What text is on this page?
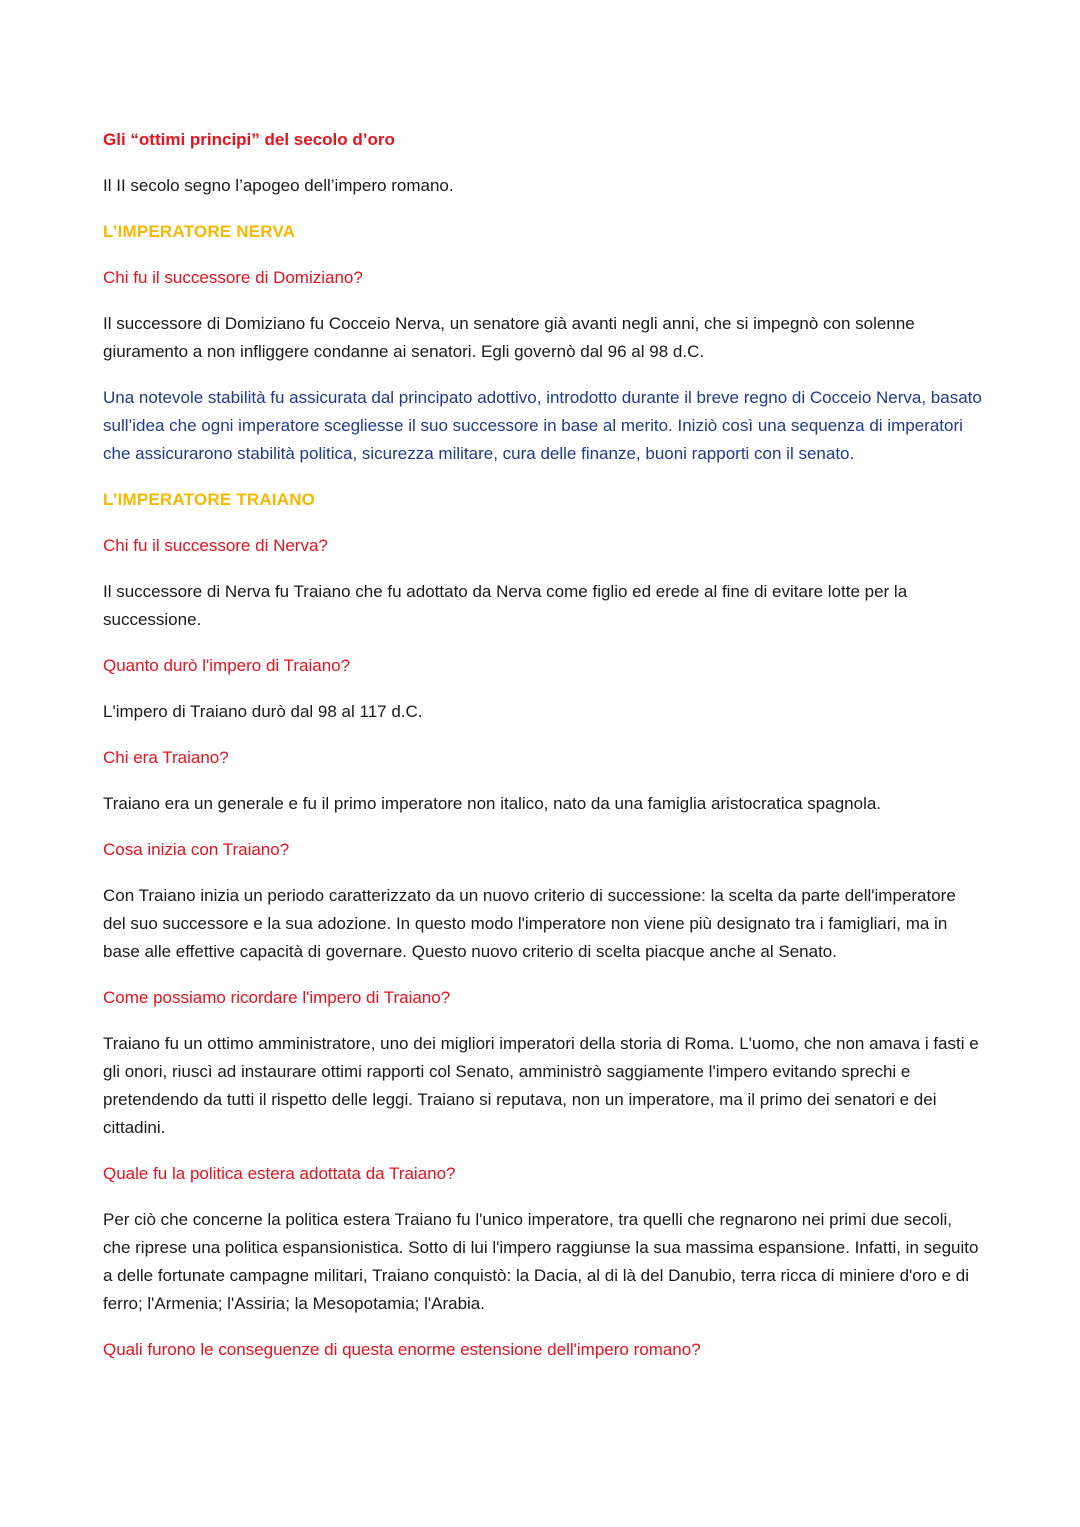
Gli “ottimi principi” del secolo d’oro

Il II secolo segno l’apogeo dell’impero romano.

L’IMPERATORE NERVA

Chi fu il successore di Domiziano?

Il successore di Domiziano fu Cocceio Nerva, un senatore già avanti negli anni, che si impegnò con solenne giuramento a non infliggere condanne ai senatori. Egli governò dal 96 al 98 d.C.

Una notevole stabilità fu assicurata dal principato adottivo, introdotto durante il breve regno di Cocceio Nerva, basato sull’idea che ogni imperatore scegliesse il suo successore in base al merito. Iniziò così una sequenza di imperatori che assicurarono stabilità politica, sicurezza militare, cura delle finanze, buoni rapporti con il senato.

L’IMPERATORE TRAIANO

Chi fu il successore di Nerva?

Il successore di Nerva fu Traiano che fu adottato da Nerva come figlio ed erede al fine di evitare lotte per la successione.

Quanto durò l'impero di Traiano?

L'impero di Traiano durò dal 98 al 117 d.C.

Chi era Traiano?

Traiano era un generale e fu il primo imperatore non italico, nato da una famiglia aristocratica spagnola.

Cosa inizia con Traiano?

Con Traiano inizia un periodo caratterizzato da un nuovo criterio di successione: la scelta da parte dell'imperatore del suo successore e la sua adozione. In questo modo l'imperatore non viene più designato tra i famigliari, ma in base alle effettive capacità di governare. Questo nuovo criterio di scelta piacque anche al Senato.

Come possiamo ricordare l'impero di Traiano?

Traiano fu un ottimo amministratore, uno dei migliori imperatori della storia di Roma. L'uomo, che non amava i fasti e gli onori, riuscì ad instaurare ottimi rapporti col Senato, amministrò saggiamente l'impero evitando sprechi e pretendendo da tutti il rispetto delle leggi. Traiano si reputava, non un imperatore, ma il primo dei senatori e dei cittadini.

Quale fu la politica estera adottata da Traiano?

Per ciò che concerne la politica estera Traiano fu l'unico imperatore, tra quelli che regnarono nei primi due secoli, che riprese una politica espansionistica. Sotto di lui l'impero raggiunse la sua massima espansione. Infatti, in seguito a delle fortunate campagne militari, Traiano conquistò: la Dacia, al di là del Danubio, terra ricca di miniere d'oro e di ferro; l'Armenia; l'Assiria; la Mesopotamia; l'Arabia.

Quali furono le conseguenze di questa enorme estensione dell'impero romano?
